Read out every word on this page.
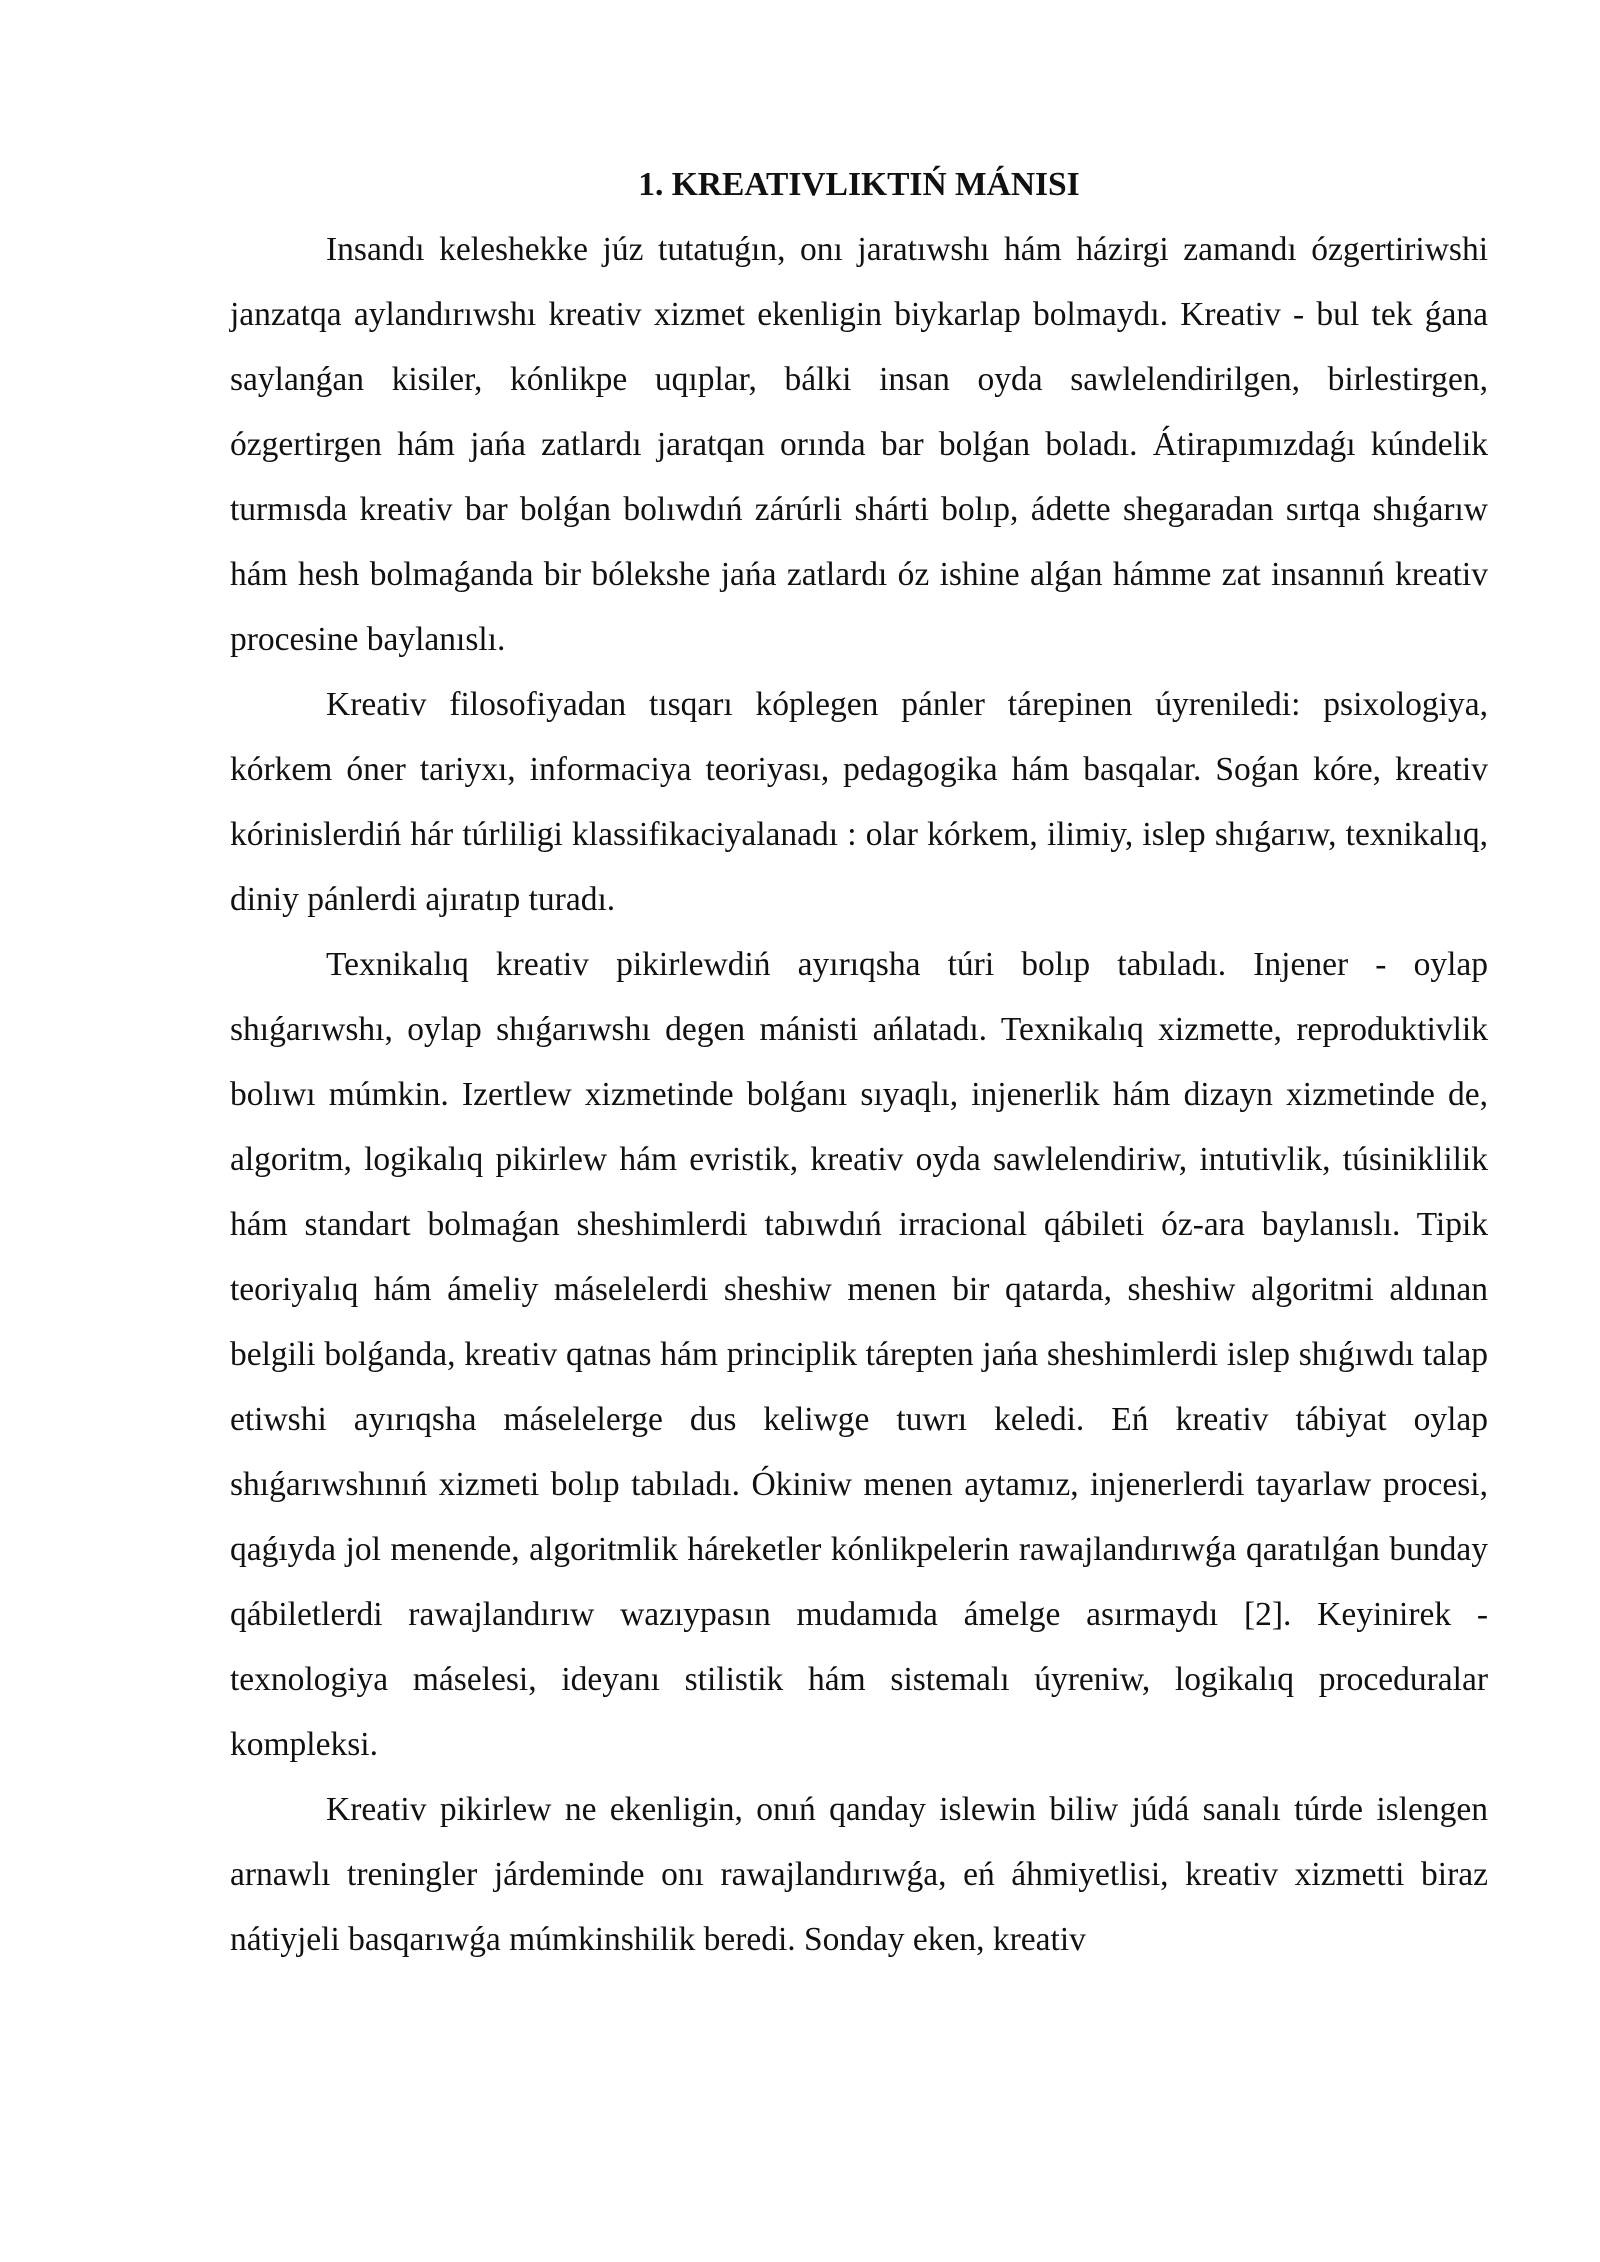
1. KREATIVLIKTIŃ MÁNISI

Insandı keleshekke júz tutatuǵın, onı jaratıwshı hám házirgi zamandı ózgertiriwshi janzatqa aylandırıwshı kreativ xizmet ekenligin biykarlap bolmaydı. Kreativ - bul tek ǵana saylanǵan kisiler, kónlikpe uqıplar, bálki insan oyda sawlelendirilgen, birlestirgen, ózgertirgen hám jańa zatlardı jaratqan orında bar bolǵan boladı. Átirapımızdaǵı kúndelik turmısda kreativ bar bolǵan bolıwdıń zárúrli shárti bolıp, ádette shegaradan sırtqa shıǵarıw hám hesh bolmaǵanda bir bólekshe jańa zatlardı óz ishine alǵan hámme zat insannıń kreativ procesine baylanıslı.

Kreativ filosofiyadan tısqarı kóplegen pánler tárepinen úyreniledi: psixologiya, kórkem óner tariyxı, informaciya teoriyası, pedagogika hám basqalar. Soǵan kóre, kreativ kórinislerdiń hár túrliligi klassifikaciyalanadı : olar kórkem, ilimiy, islep shıǵarıw, texnikalıq, diniy pánlerdi ajıratıp turadı.

Texnikalıq kreativ pikirlewdiń ayırıqsha túri bolıp tabıladı. Injener - oylap shıǵarıwshı, oylap shıǵarıwshı degen mánisti ańlatadı. Texnikalıq xizmette, reproduktivlik bolıwı múmkin. Izertlew xizmetinde bolǵanı sıyaqlı, injenerlik hám dizayn xizmetinde de, algoritm, logikalıq pikirlew hám evristik, kreativ oyda sawlelendiriw, intutivlik, túsiniklilik hám standart bolmaǵan sheshimlerdi tabıwdıń irracional qábileti óz-ara baylanıslı. Tipik teoriyalıq hám ámeliy máselelerdi sheshiw menen bir qatarda, sheshiw algoritmi aldınan belgili bolǵanda, kreativ qatnas hám principlik tárepten jańa sheshimlerdi islep shıǵıwdı talap etiwshi ayırıqsha máselelerge dus keliwge tuwrı keledi. Eń kreativ tábiyat oylap shıǵarıwshınıń xizmeti bolıp tabıladı. Ókiniw menen aytamız, injenerlerdi tayarlaw procesi, qaǵıyda jol menende, algoritmlik háreketler kónlikpelerin rawajlandırıwǵa qaratılǵan bunday qábiletlerdi rawajlandırıw wazıypasın mudamıda ámelge asırmaydı [2]. Keyinirek - texnologiya máselesi, ideyanı stilistik hám sistemalı úyreniw, logikalıq proceduralar kompleksi.

Kreativ pikirlew ne ekenligin, onıń qanday islewin biliw júdá sanalı túrde islengen arnawlı treningler járdeminde onı rawajlandırıwǵa, eń áhmiyetlisi, kreativ xizmetti biraz nátiyjeli basqarıwǵa múmkinshilik beredi. Sonday eken, kreativ
